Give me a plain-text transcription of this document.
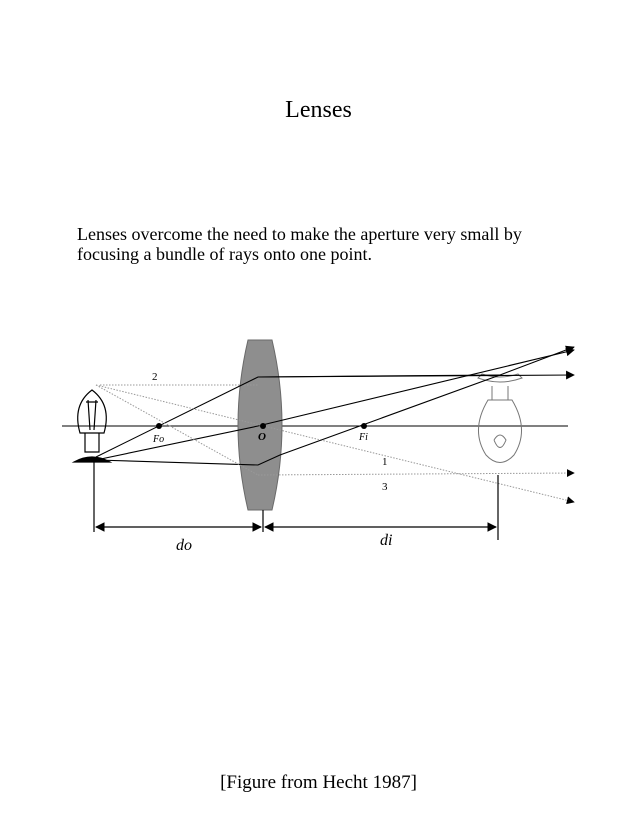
Lenses
Lenses overcome the need to make the aperture very small by focusing a bundle of rays onto one point.
2
1
3
Fo	O	Fi
do	di
[Figure from Hecht 1987]
